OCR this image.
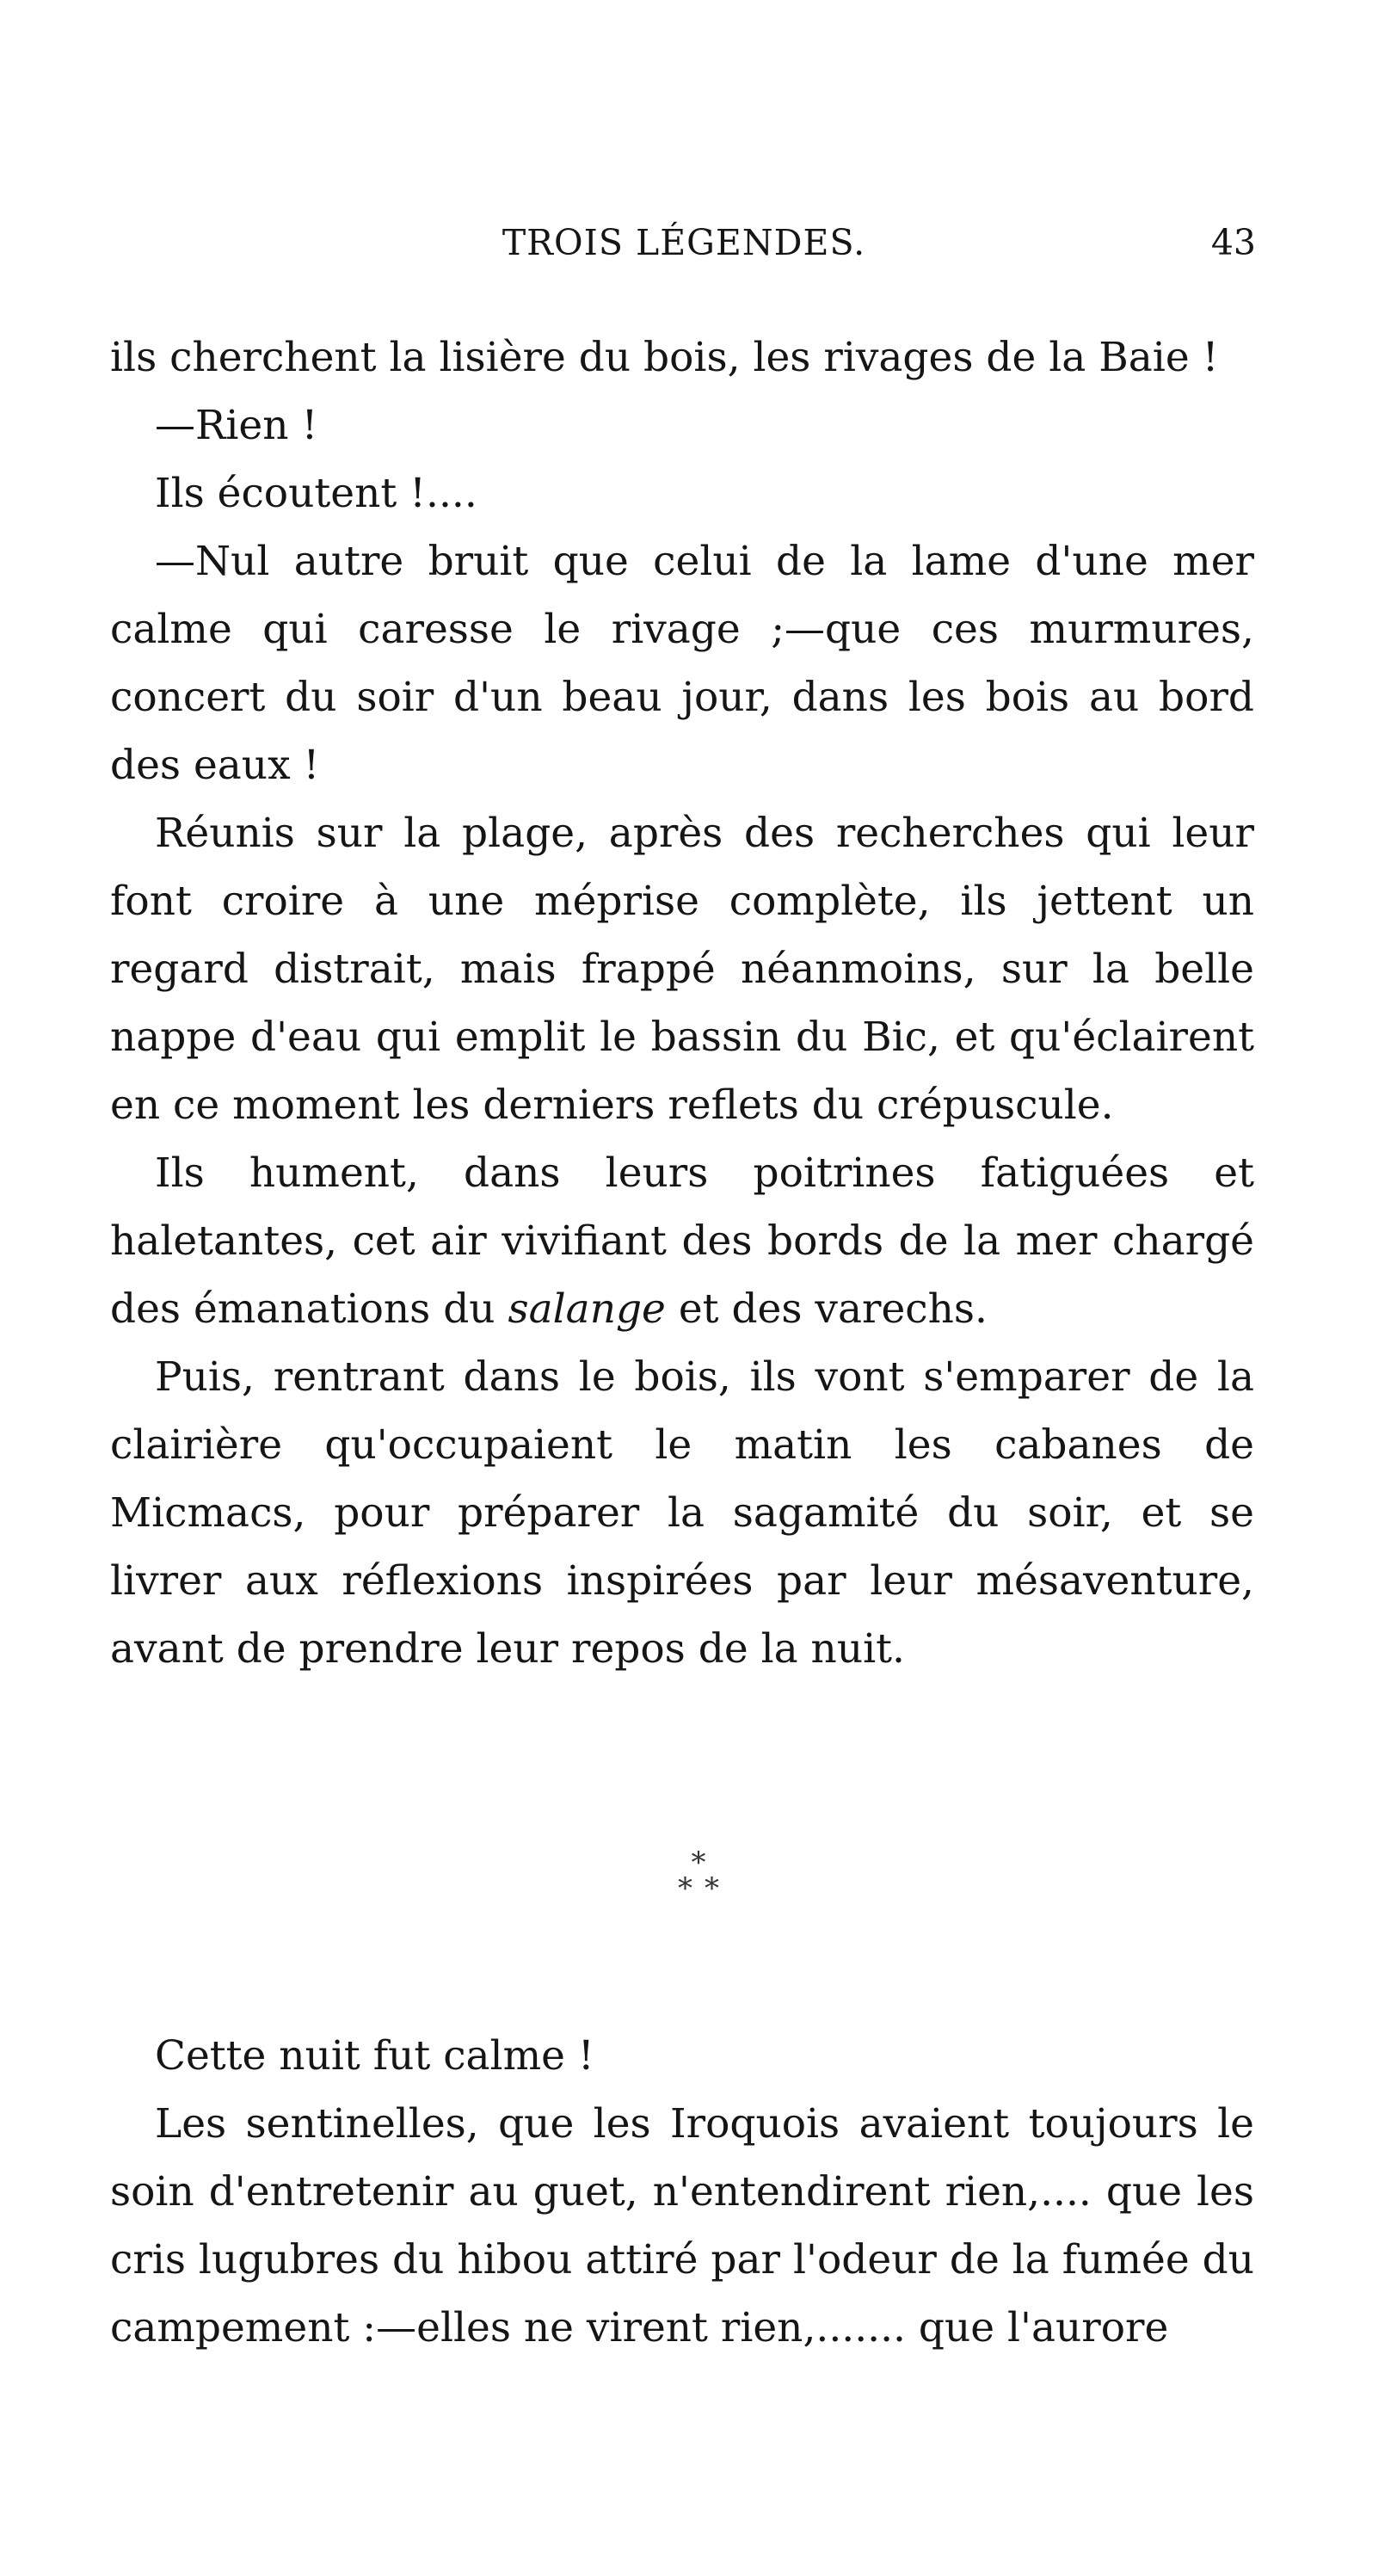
TROIS LÉGENDES.	43

ils cherchent la lisière du bois, les rivages de la Baie !

—Rien !

Ils écoutent !....

—Nul autre bruit que celui de la lame d'une mer calme qui caresse le rivage ;—que ces murmures, concert du soir d'un beau jour, dans les bois au bord des eaux !

Réunis sur la plage, après des recherches qui leur font croire à une méprise complète, ils jettent un regard distrait, mais frappé néanmoins, sur la belle nappe d'eau qui emplit le bassin du Bic, et qu'éclairent en ce moment les derniers reflets du crépuscule.

Ils hument, dans leurs poitrines fatiguées et haletantes, cet air vivifiant des bords de la mer chargé des émanations du salange et des varechs.

Puis, rentrant dans le bois, ils vont s'emparer de la clairière qu'occupaient le matin les cabanes de Micmacs, pour préparer la sagamité du soir, et se livrer aux réflexions inspirées par leur mésaventure, avant de prendre leur repos de la nuit.

*
**

Cette nuit fut calme !

Les sentinelles, que les Iroquois avaient toujours le soin d'entretenir au guet, n'entendirent rien,.... que les cris lugubres du hibou attiré par l'odeur de la fumée du campement :—elles ne virent rien,....... que l'aurore
